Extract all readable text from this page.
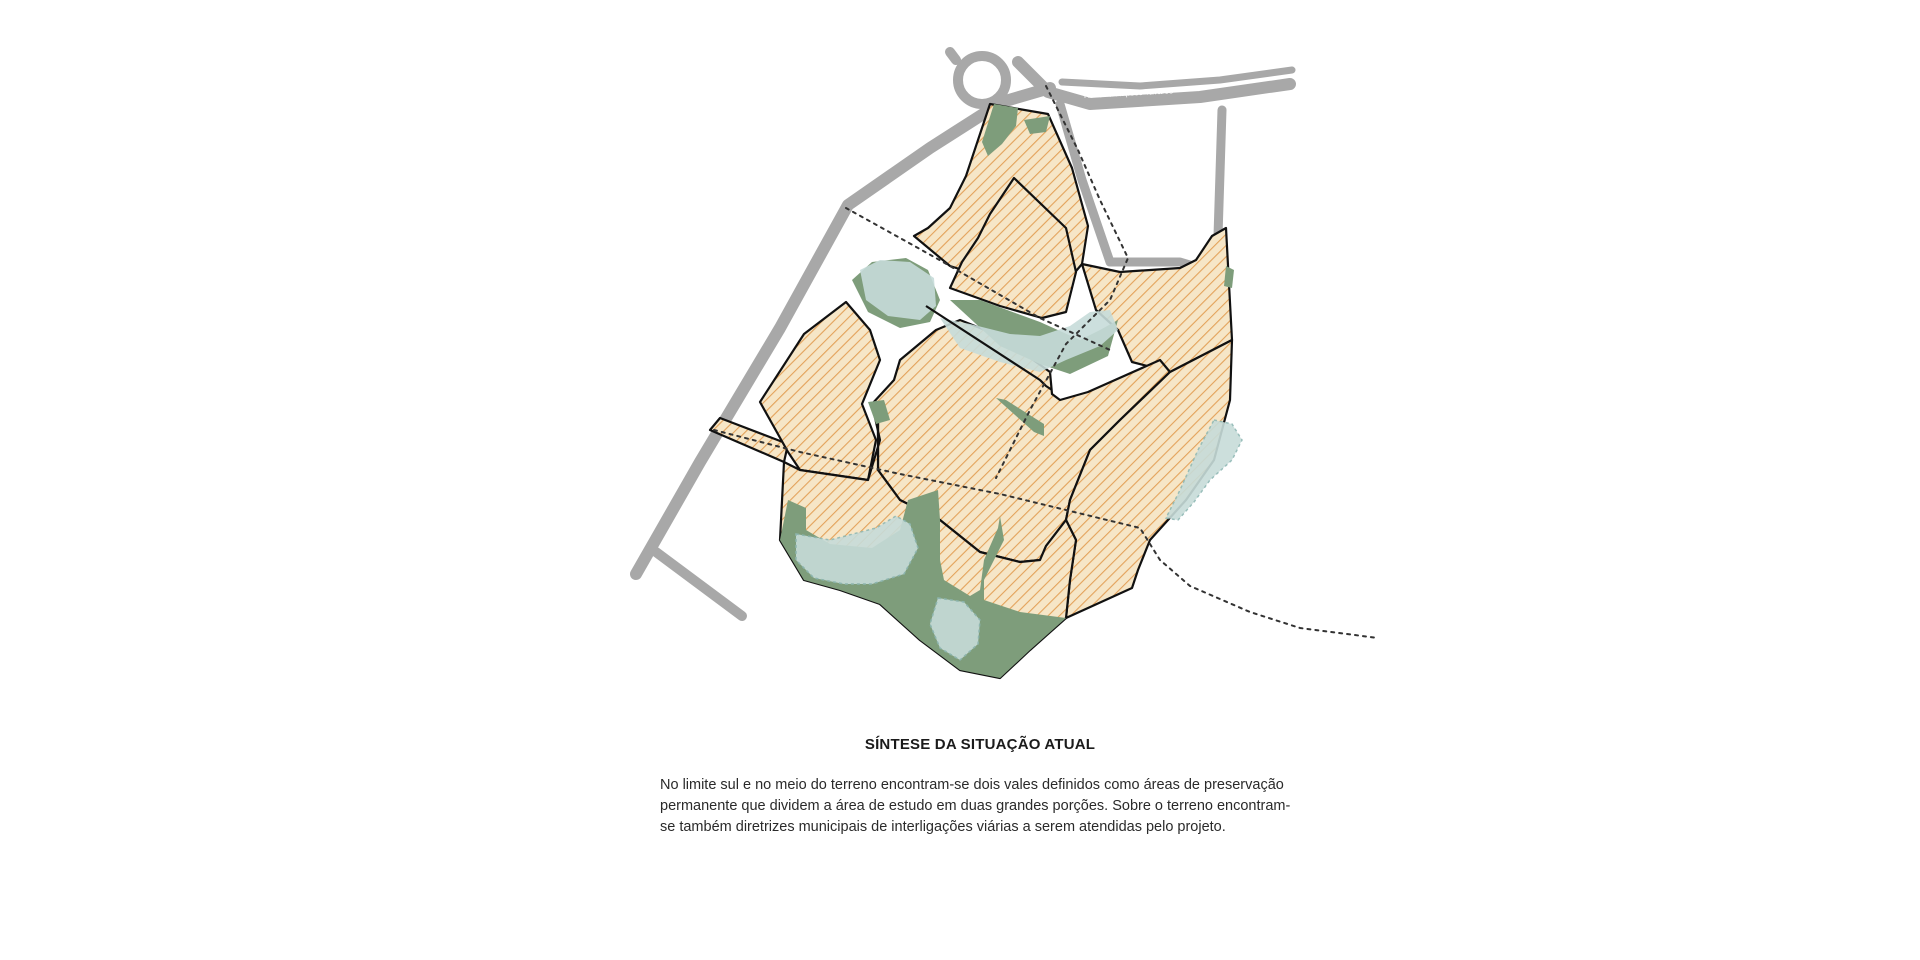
Rodovia Raposo Tavares
Rod. Bunjiro Nakao
SÍNTESE DA SITUAÇÃO ATUAL
No limite sul e no meio do terreno encontram-se dois vales definidos como áreas de preservação permanente que dividem a área de estudo em duas grandes porções. Sobre o terreno encontram-se também diretrizes municipais de interligações viárias a serem atendidas pelo projeto.
